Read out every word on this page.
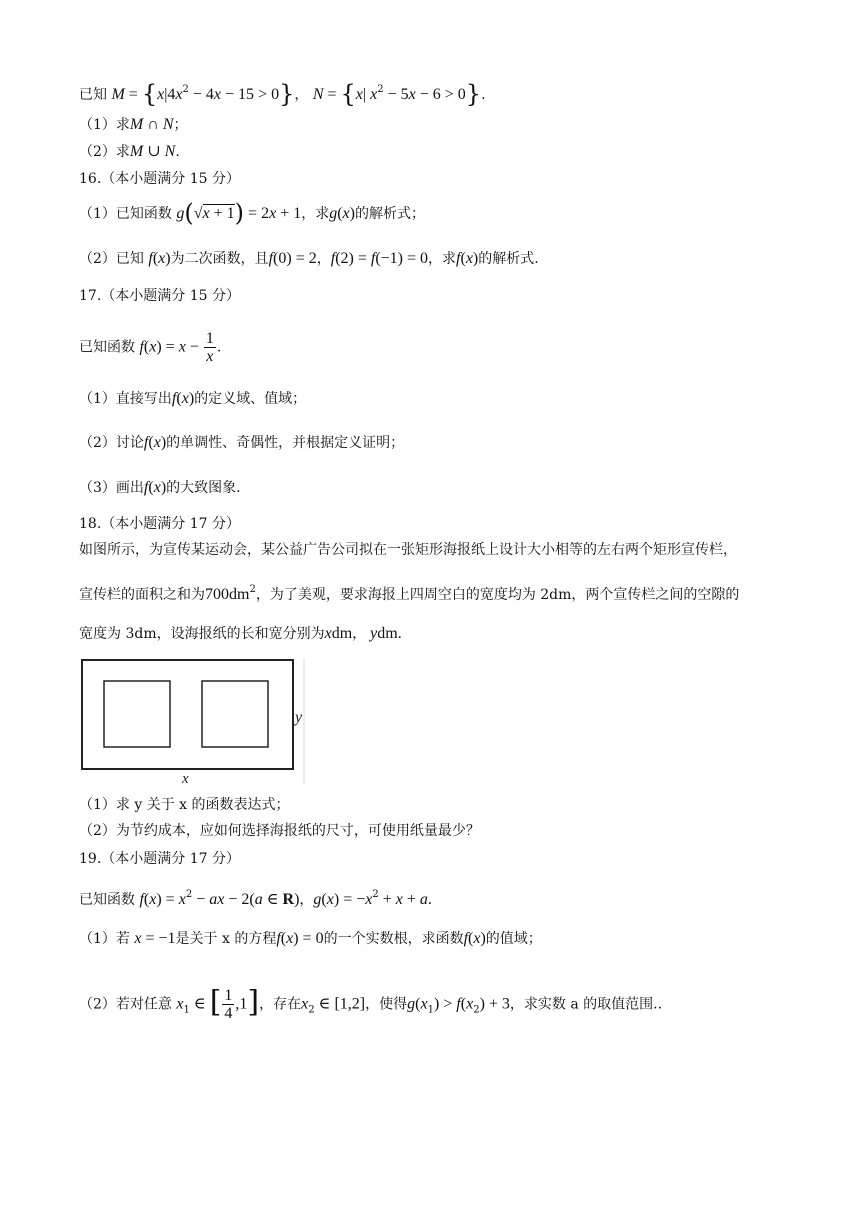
已知 $M = \{x|4x^2 - 4x - 15 > 0\}$， N = {x| $x^2 - 5x - 6 > 0$}.
（1）求M ∩ N；
（2）求M ∪ N.
16.（本小题满分 15 分）
（1）已知函数 g(√x + 1) = 2x + 1，求g(x)的解析式；
（2）已知 f(x)为二次函数，且f(0) = 2，f(2) = f(−1) = 0，求f(x)的解析式.
17.（本小题满分 15 分）
已知函数 $f(x) = x - \frac{1}{x}$ .
（1）直接写出f(x)的定义域、值域；
（2）讨论f(x)的单调性、奇偶性，并根据定义证明；
（3）画出f(x)的大致图象.
18.（本小题满分 17 分）
如图所示，为宣传某运动会，某公益广告公司拟在一张矩形海报纸上设计大小相等的左右两个矩形宣传栏，
宣传栏的面积之和为$700dm^2$，为了美观，要求海报上四周空白的宽度均为 2dm，两个宣传栏之间的空隙的
宽度为 3dm，设海报纸的长和宽分别为xdm， ydm.
y
x
（1）求 y 关于 x 的函数表达式；
（2）为节约成本，应如何选择海报纸的尺寸，可使用纸量最少？
19.（本小题满分 17 分）
已知函数 $f(x) = x^2$ − ax − 2(a ∈ R)，$g(x) = -x^2 + x + a$.
（1）若 x = −1是关于 x 的方程f(x) = 0的一个实数根，求函数f(x)的值域；
（2）若对任意 $x_1$ ∈ [ $\frac{1}{4} ,1$]，存在$x_2$ ∈ [1,2]，使得$g(x_1) > f(x_2) + 3$，求实数 a 的取值范围..
